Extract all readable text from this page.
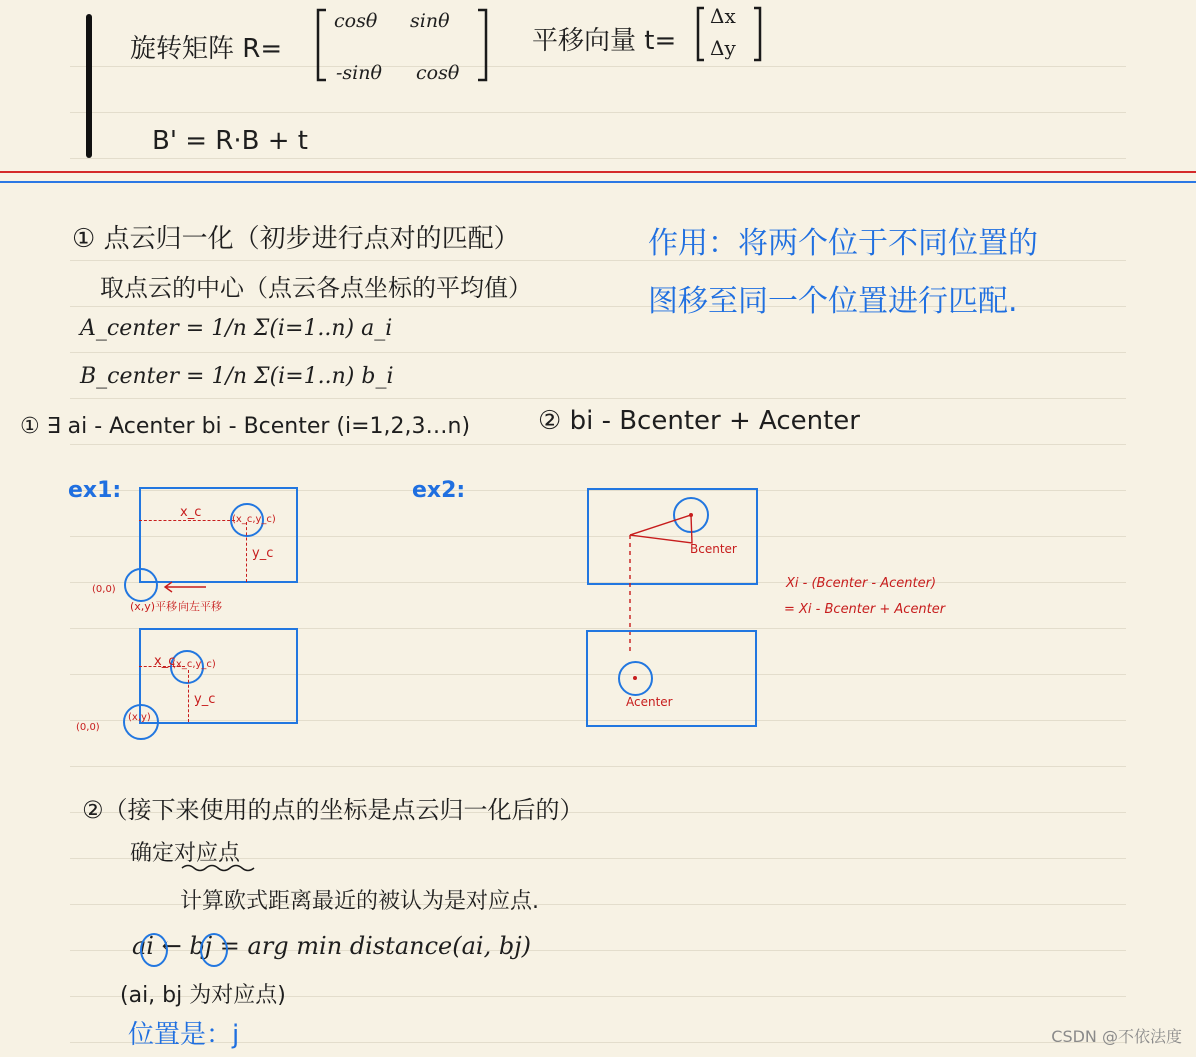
旋转矩阵 R=
cosθ sinθ
-sinθ cosθ
平移向量 t=
Δx
Δy
B' = R·B + t
① 点云归一化（初步进行点对的匹配）
取点云的中心（点云各点坐标的平均值）
A_center = 1/n Σ(i=1..n) a_i
B_center = 1/n Σ(i=1..n) b_i
作用：将两个位于不同位置的
图移至同一个位置进行匹配.
① ∃ ai - Acenter bi - Bcenter (i=1,2,3…n)	② bi - Bcenter + Acenter
ex1:
x_c
y_c
(x_c,y_c)
(0,0)
(x,y)平移 向左平移
x_c
(x_c,y_c)
y_c
(0,0)
(x,y)
ex2:
Bcenter
Acenter
Xi - (Bcenter - Acenter)
= Xi - Bcenter + Acenter
②（接下来使用的点的坐标是点云归一化后的）
确定对应点
计算欧式距离最近的被认为是对应点.
ai ← bj = arg min distance(ai, bj)
(ai, bj 为对应点)
位置是：j	CSDN @不依法度
